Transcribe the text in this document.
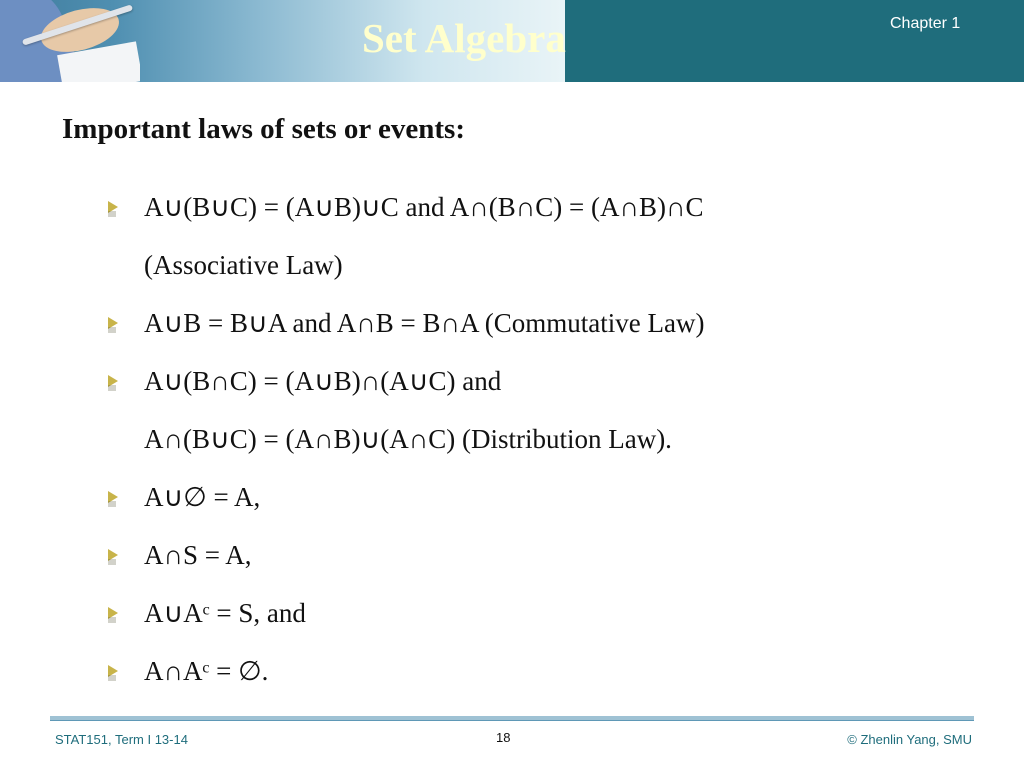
Set Algebra	Chapter 1
Important laws of sets or events:
A∪(B∪C) = (A∪B)∪C and A∩(B∩C) = (A∩B)∩C
(Associative Law)
A∪B = B∪A and A∩B = B∩A (Commutative Law)
A∪(B∩C) = (A∪B)∩(A∪C) and
A∩(B∪C) = (A∩B)∪(A∩C) (Distribution Law).
A∪∅ = A,
A∩S = A,
A∪Aᶜ = S, and
A∩Aᶜ = ∅.
STAT151, Term I 13-14	18	© Zhenlin Yang, SMU
